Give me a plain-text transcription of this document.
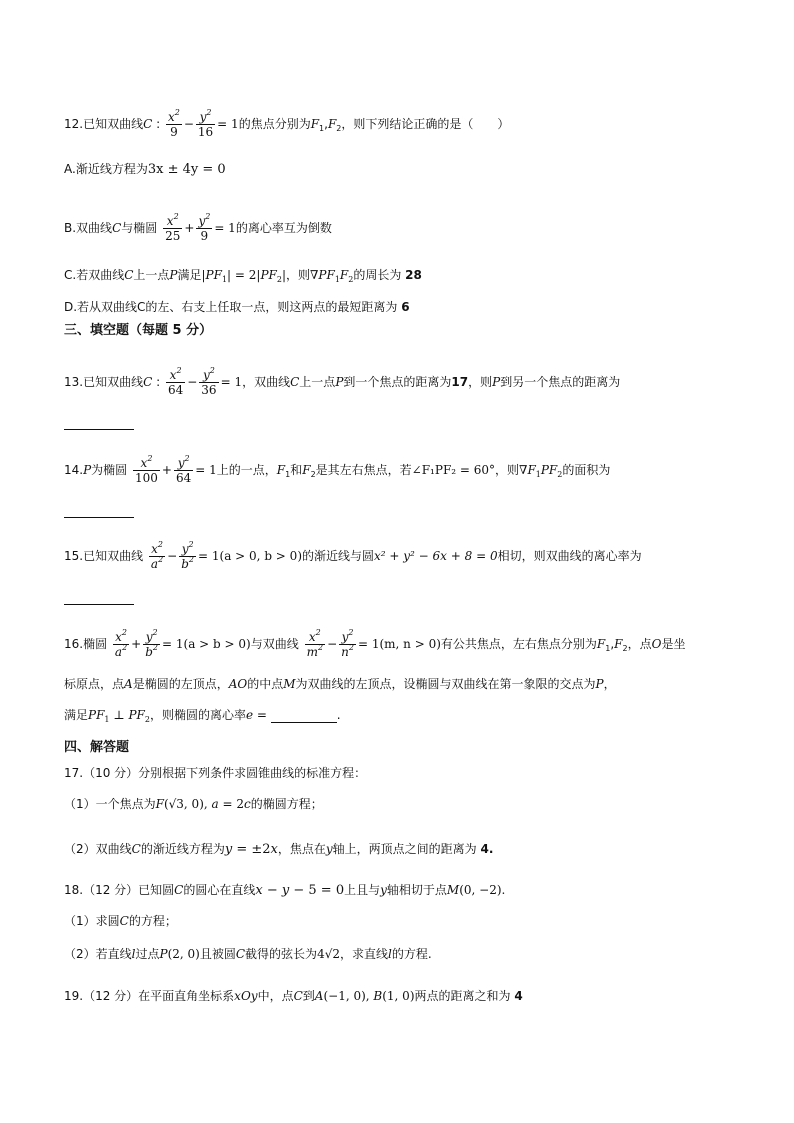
12.已知双曲线C : $\frac{x^2}{9} - \frac{y^2}{16} = 1$的焦点分别为$F_1,F_2$，则下列结论正确的是（　　）
A.渐近线方程为3x ± 4y = 0
B.双曲线C与椭圆 $\frac{x^2}{25} + \frac{y^2}{9} = 1$的离心率互为倒数
C.若双曲线C上一点P满足$|PF_1| = 2|PF_2|$，则$\nabla PF_1F_2$的周长为 28
D.若从双曲线C的左、右支上任取一点，则这两点的最短距离为 6
三、填空题（每题 5 分）
13.已知双曲线C : $\frac{x^2}{64} - \frac{y^2}{36} = 1$，双曲线C上一点P到一个焦点的距离为17，则P到另一个焦点的距离为
14.P为椭圆 $\frac{x^2}{100} + \frac{y^2}{64} = 1$上的一点，$F_1$和$F_2$是其左右焦点，若∠F₁PF₂ = 60°，则$\nabla F_1PF_2$的面积为
15.已知双曲线 $\frac{x^2}{a^2} - \frac{y^2}{b^2} = 1(a > 0$, b > 0)的渐近线与圆x² + y² − 6x + 8 = 0相切，则双曲线的离心率为
16.椭圆 $\frac{x^2}{a^2} + \frac{y^2}{b^2} = 1(a > b > 0)$与双曲线 $\frac{x^2}{m^2} - \frac{y^2}{n^2} = 1(m$, n > 0)有公共焦点，左右焦点分别为$F_1,F_2$，点O是坐
标原点，点A是椭圆的左顶点，AO的中点M为双曲线的左顶点，设椭圆与双曲线在第一象限的交点为P，
满足$PF_1$ ⊥ $PF_2$，则椭圆的离心率e =	.
四、解答题
17.（10 分）分别根据下列条件求圆锥曲线的标准方程：
（1）一个焦点为F(√3, 0), a = 2c的椭圆方程；
（2）双曲线C的渐近线方程为y = ±2x，焦点在y轴上，两顶点之间的距离为 4.
18.（12 分）已知圆C的圆心在直线x − y − 5 = 0上且与y轴相切于点M(0, −2).
（1）求圆C的方程；
（2）若直线l过点P(2, 0)且被圆C截得的弦长为4√2，求直线l的方程.
19.（12 分）在平面直角坐标系xOy中，点C到A(−1, 0), B(1, 0)两点的距离之和为 4
